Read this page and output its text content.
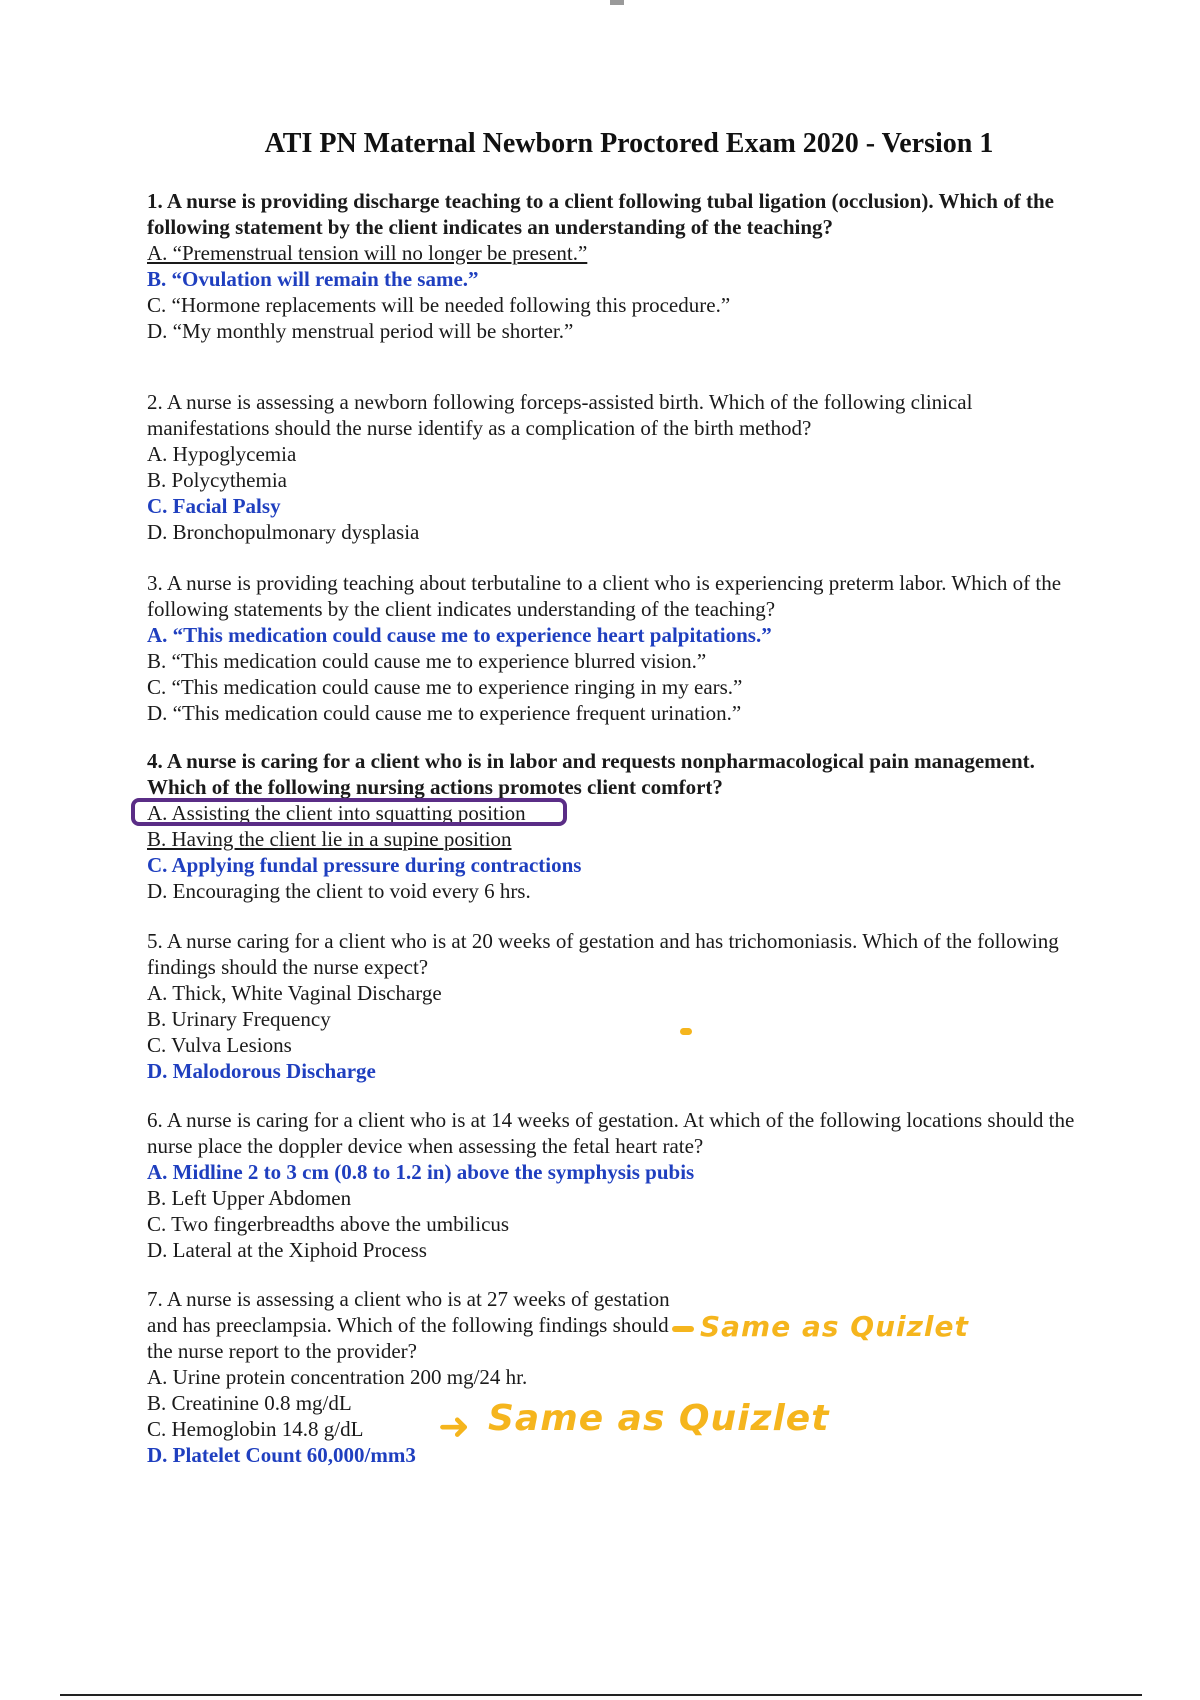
ATI PN Maternal Newborn Proctored Exam 2020 - Version 1
1. A nurse is providing discharge teaching to a client following tubal ligation (occlusion). Which of the following statement by the client indicates an understanding of the teaching?
A. “Premenstrual tension will no longer be present.”
B. “Ovulation will remain the same.”
C. “Hormone replacements will be needed following this procedure.”
D. “My monthly menstrual period will be shorter.”
2. A nurse is assessing a newborn following forceps-assisted birth. Which of the following clinical manifestations should the nurse identify as a complication of the birth method?
A. Hypoglycemia
B. Polycythemia
C. Facial Palsy
D. Bronchopulmonary dysplasia
3. A nurse is providing teaching about terbutaline to a client who is experiencing preterm labor. Which of the following statements by the client indicates understanding of the teaching?
A. “This medication could cause me to experience heart palpitations.”
B. “This medication could cause me to experience blurred vision.”
C. “This medication could cause me to experience ringing in my ears.”
D. “This medication could cause me to experience frequent urination.”
4. A nurse is caring for a client who is in labor and requests nonpharmacological pain management. Which of the following nursing actions promotes client comfort?
A. Assisting the client into squatting position
B. Having the client lie in a supine position
C. Applying fundal pressure during contractions
D. Encouraging the client to void every 6 hrs.
5. A nurse caring for a client who is at 20 weeks of gestation and has trichomoniasis. Which of the following findings should the nurse expect?
A. Thick, White Vaginal Discharge
B. Urinary Frequency
C. Vulva Lesions
D. Malodorous Discharge
6. A nurse is caring for a client who is at 14 weeks of gestation. At which of the following locations should the nurse place the doppler device when assessing the fetal heart rate?
A. Midline 2 to 3 cm (0.8 to 1.2 in) above the symphysis pubis
B. Left Upper Abdomen
C. Two fingerbreadths above the umbilicus
D. Lateral at the Xiphoid Process
7. A nurse is assessing a client who is at 27 weeks of gestation and has preeclampsia. Which of the following findings should the nurse report to the provider?
A. Urine protein concentration 200 mg/24 hr.
B. Creatinine 0.8 mg/dL
C. Hemoglobin 14.8 g/dL
D. Platelet Count 60,000/mm3
Same as Quizlet
➜ Same as Quizlet
